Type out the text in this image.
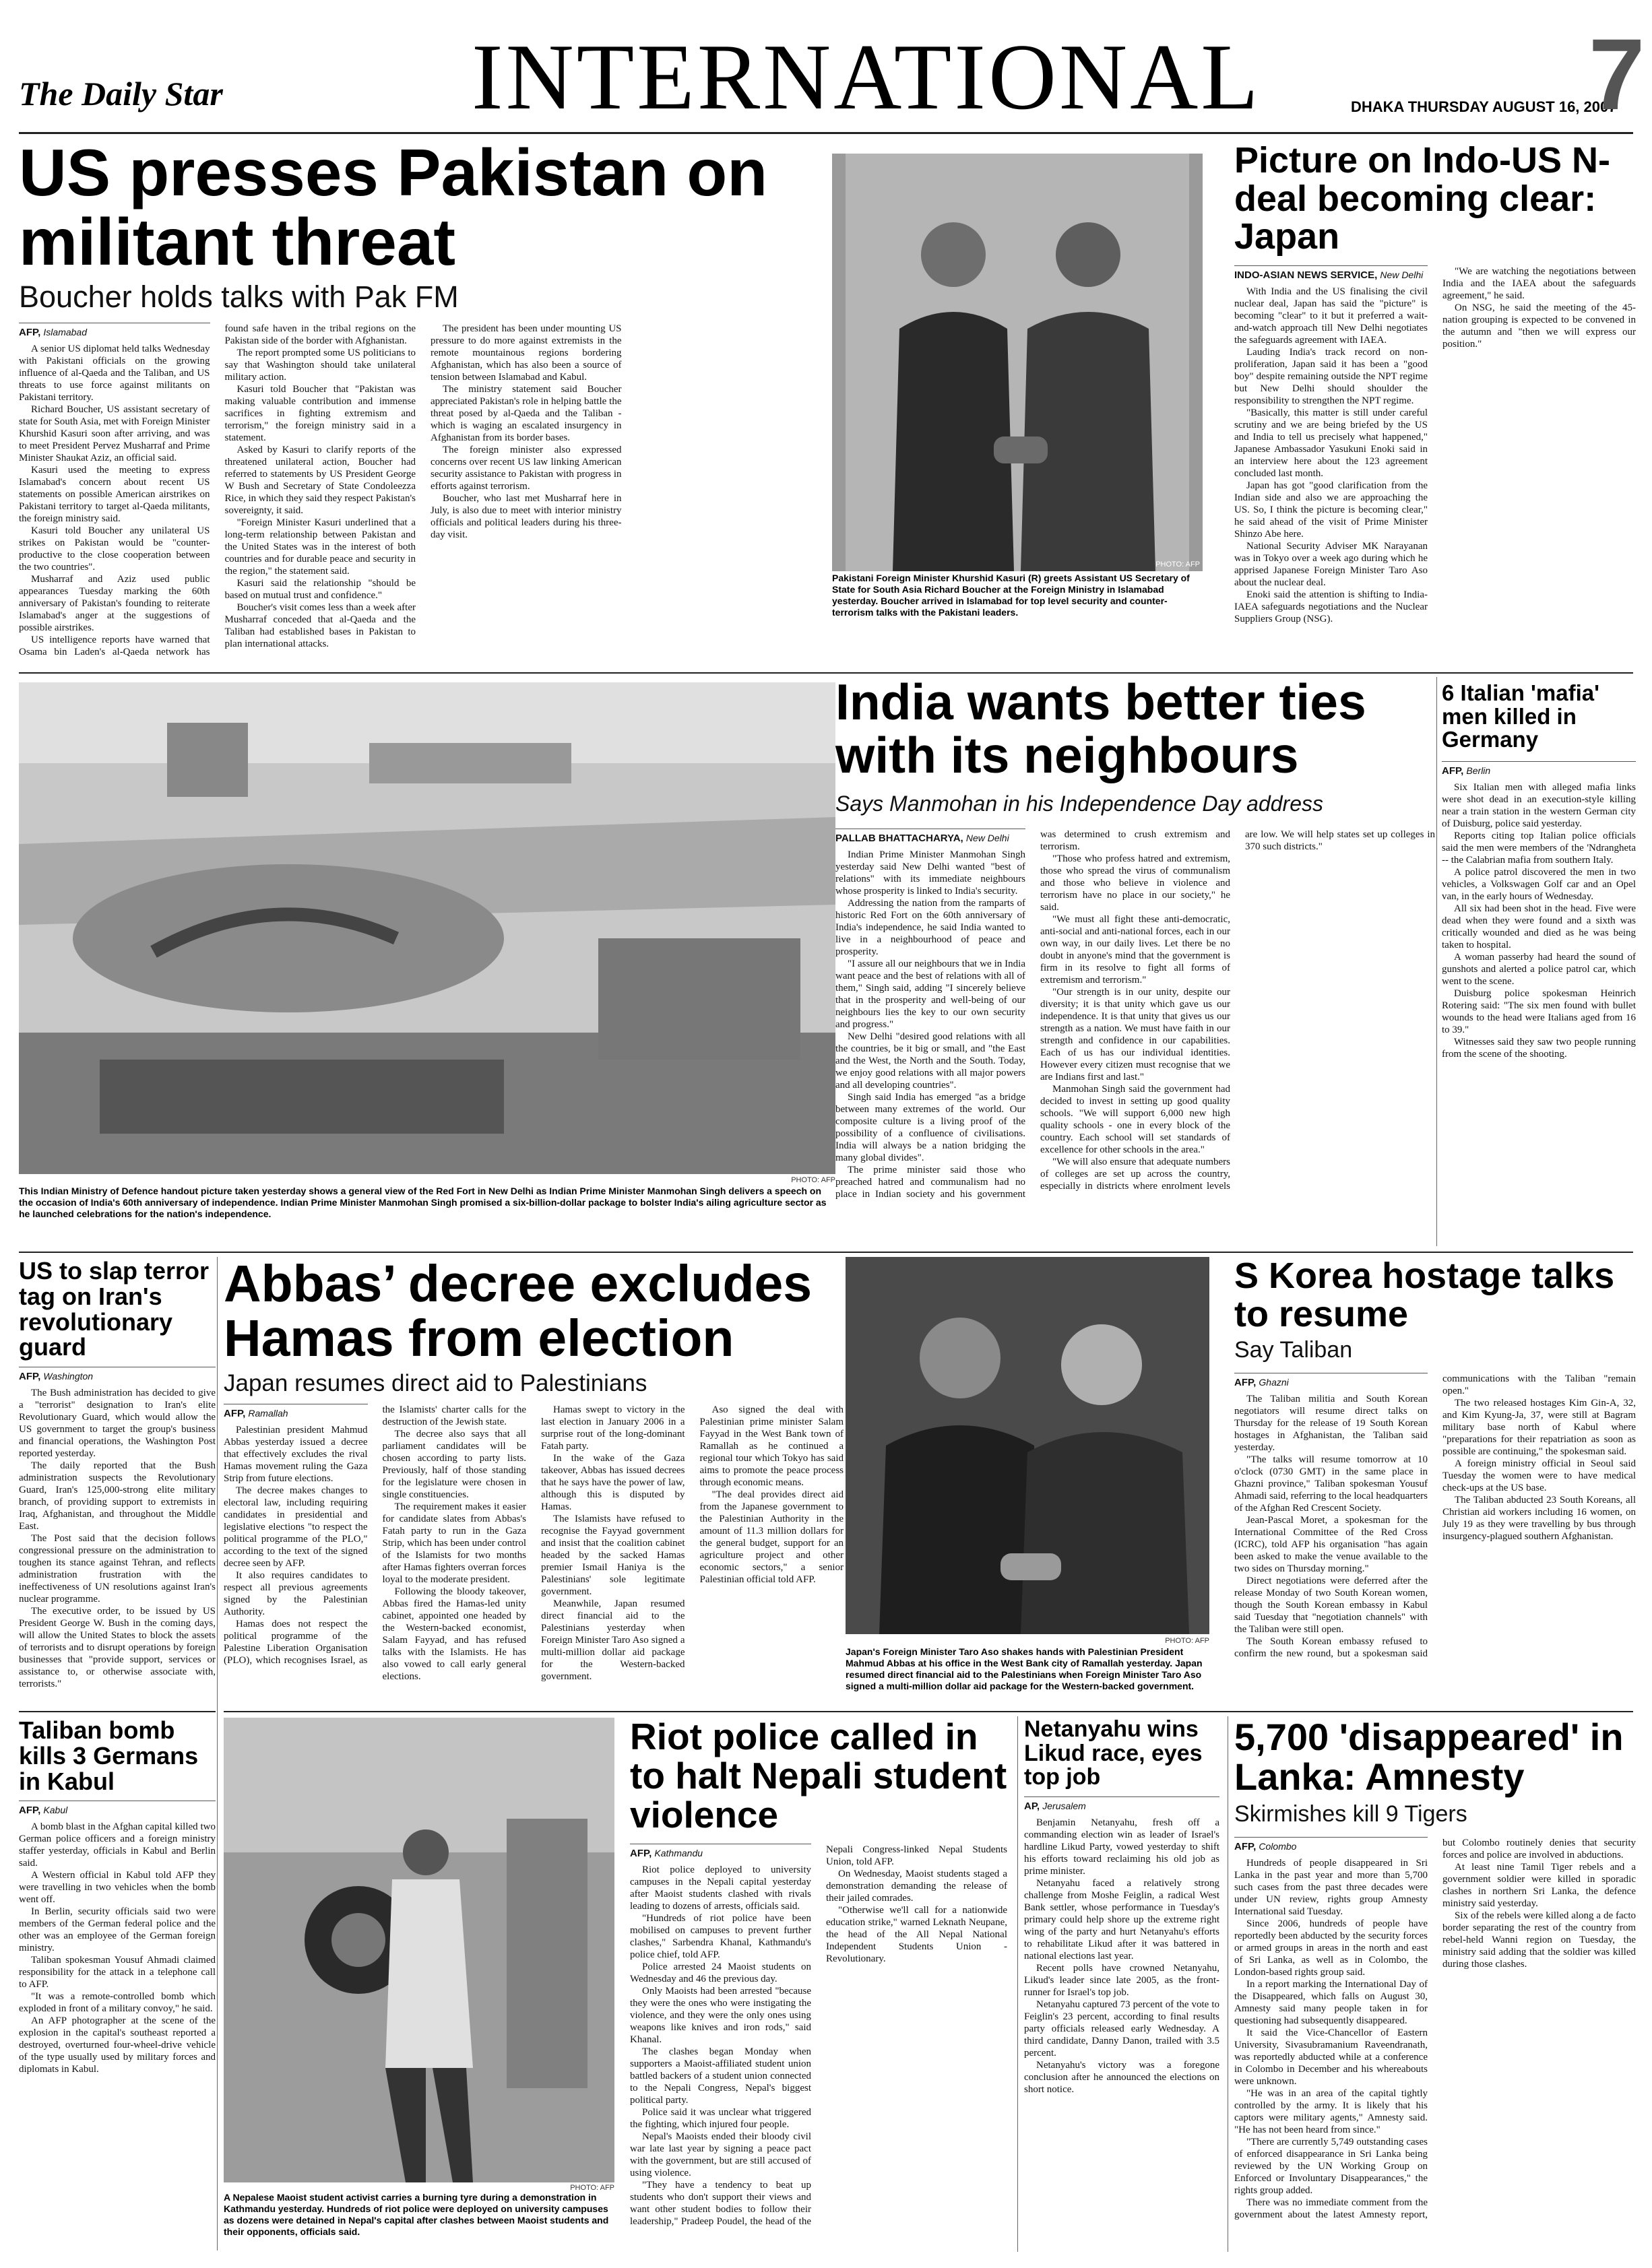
The Daily Star	INTERNATIONAL	DHAKA THURSDAY AUGUST 16, 2007
7
US presses Pakistan on militant threat
Boucher holds talks with Pak FM
AFP, Islamabad

A senior US diplomat held talks Wednesday with Pakistani officials on the growing influence of al-Qaeda and the Taliban, and US threats to use force against militants on Pakistani territory.

Richard Boucher, US assistant secretary of state for South Asia, met with Foreign Minister Khurshid Kasuri soon after arriving, and was to meet President Pervez Musharraf and Prime Minister Shaukat Aziz, an official said.

Kasuri used the meeting to express Islamabad's concern about recent US statements on possible American airstrikes on Pakistani territory to target al-Qaeda militants, the foreign ministry said.

Kasuri told Boucher any unilateral US strikes on Pakistan would be "counter-productive to the close cooperation between the two countries".

Musharraf and Aziz used public appearances Tuesday marking the 60th anniversary of Pakistan's founding to reiterate Islamabad's anger at the suggestions of possible airstrikes.

US intelligence reports have warned that Osama bin Laden's al-Qaeda network has found safe haven in the tribal regions on the Pakistan side of the border with Afghanistan.

The report prompted some US politicians to say that Washington should take unilateral military action.

Kasuri told Boucher that "Pakistan was making valuable contribution and immense sacrifices in fighting extremism and terrorism," the foreign ministry said in a statement.

Asked by Kasuri to clarify reports of the threatened unilateral action, Boucher had referred to statements by US President George W Bush and Secretary of State Condoleezza Rice, in which they said they respect Pakistan's sovereignty, it said.

"Foreign Minister Kasuri underlined that a long-term relationship between Pakistan and the United States was in the interest of both countries and for durable peace and security in the region," the statement said.

Kasuri said the relationship "should be based on mutual trust and confidence."

Boucher's visit comes less than a week after Musharraf conceded that al-Qaeda and the Taliban had established bases in Pakistan to plan international attacks.

The president has been under mounting US pressure to do more against extremists in the remote mountainous regions bordering Afghanistan, which has also been a source of tension between Islamabad and Kabul.

The ministry statement said Boucher appreciated Pakistan's role in helping battle the threat posed by al-Qaeda and the Taliban - which is waging an escalated insurgency in Afghanistan from its border bases.

The foreign minister also expressed concerns over recent US law linking American security assistance to Pakistan with progress in efforts against terrorism.

Boucher, who last met Musharraf here in July, is also due to meet with interior ministry officials and political leaders during his three-day visit.

PHOTO: AFP
Pakistani Foreign Minister Khurshid Kasuri (R) greets Assistant US Secretary of State for South Asia Richard Boucher at the Foreign Ministry in Islamabad yesterday. Boucher arrived in Islamabad for top level security and counter-terrorism talks with the Pakistani leaders.
Picture on Indo-US N-deal becoming clear: Japan
INDO-ASIAN NEWS SERVICE, New Delhi

With India and the US finalising the civil nuclear deal, Japan has said the "picture" is becoming "clear" to it but it preferred a wait-and-watch approach till New Delhi negotiates the safeguards agreement with IAEA.

Lauding India's track record on non-proliferation, Japan said it has been a "good boy" despite remaining outside the NPT regime but New Delhi should shoulder the responsibility to strengthen the NPT regime.

"Basically, this matter is still under careful scrutiny and we are being briefed by the US and India to tell us precisely what happened," Japanese Ambassador Yasukuni Enoki said in an interview here about the 123 agreement concluded last month.

Japan has got "good clarification from the Indian side and also we are approaching the US. So, I think the picture is becoming clear," he said ahead of the visit of Prime Minister Shinzo Abe here.

National Security Adviser MK Narayanan was in Tokyo over a week ago during which he apprised Japanese Foreign Minister Taro Aso about the nuclear deal.

Enoki said the attention is shifting to India-IAEA safeguards negotiations and the Nuclear Suppliers Group (NSG).

"We are watching the negotiations between India and the IAEA about the safeguards agreement," he said.

On NSG, he said the meeting of the 45-nation grouping is expected to be convened in the autumn and "then we will express our position."

PHOTO: AFP
This Indian Ministry of Defence handout picture taken yesterday shows a general view of the Red Fort in New Delhi as Indian Prime Minister Manmohan Singh delivers a speech on the occasion of India's 60th anniversary of independence. Indian Prime Minister Manmohan Singh promised a six-billion-dollar package to bolster India's ailing agriculture sector as he launched celebrations for the nation's independence.
India wants better ties with its neighbours
Says Manmohan in his Independence Day address
PALLAB BHATTACHARYA, New Delhi

Indian Prime Minister Manmohan Singh yesterday said New Delhi wanted "best of relations" with its immediate neighbours whose prosperity is linked to India's security.

Addressing the nation from the ramparts of historic Red Fort on the 60th anniversary of India's independence, he said India wanted to live in a neighbourhood of peace and prosperity.

"I assure all our neighbours that we in India want peace and the best of relations with all of them," Singh said, adding "I sincerely believe that in the prosperity and well-being of our neighbours lies the key to our own security and progress."

New Delhi "desired good relations with all the countries, be it big or small, and "the East and the West, the North and the South. Today, we enjoy good relations with all major powers and all developing countries".

Singh said India has emerged "as a bridge between many extremes of the world. Our composite culture is a living proof of the possibility of a confluence of civilisations. India will always be a nation bridging the many global divides".

The prime minister said those who preached hatred and communalism had no place in Indian society and his government was determined to crush extremism and terrorism.

"Those who profess hatred and extremism, those who spread the virus of communalism and those who believe in violence and terrorism have no place in our society," he said.

"We must all fight these anti-democratic, anti-social and anti-national forces, each in our own way, in our daily lives. Let there be no doubt in anyone's mind that the government is firm in its resolve to fight all forms of extremism and terrorism."

"Our strength is in our unity, despite our diversity; it is that unity which gave us our independence. It is that unity that gives us our strength as a nation. We must have faith in our strength and confidence in our capabilities. Each of us has our individual identities. However every citizen must recognise that we are Indians first and last."

Manmohan Singh said the government had decided to invest in setting up good quality schools. "We will support 6,000 new high quality schools - one in every block of the country. Each school will set standards of excellence for other schools in the area."

"We will also ensure that adequate numbers of colleges are set up across the country, especially in districts where enrolment levels are low. We will help states set up colleges in 370 such districts."

6 Italian 'mafia' men killed in Germany
AFP, Berlin

Six Italian men with alleged mafia links were shot dead in an execution-style killing near a train station in the western German city of Duisburg, police said yesterday.

Reports citing top Italian police officials said the men were members of the 'Ndrangheta -- the Calabrian mafia from southern Italy.

A police patrol discovered the men in two vehicles, a Volkswagen Golf car and an Opel van, in the early hours of Wednesday.

All six had been shot in the head. Five were dead when they were found and a sixth was critically wounded and died as he was being taken to hospital.

A woman passerby had heard the sound of gunshots and alerted a police patrol car, which went to the scene.

Duisburg police spokesman Heinrich Rotering said: "The six men found with bullet wounds to the head were Italians aged from 16 to 39."

Witnesses said they saw two people running from the scene of the shooting.

US to slap terror tag on Iran's revolutionary guard
AFP, Washington

The Bush administration has decided to give a "terrorist" designation to Iran's elite Revolutionary Guard, which would allow the US government to target the group's business and financial operations, the Washington Post reported yesterday.

The daily reported that the Bush administration suspects the Revolutionary Guard, Iran's 125,000-strong elite military branch, of providing support to extremists in Iraq, Afghanistan, and throughout the Middle East.

The Post said that the decision follows congressional pressure on the administration to toughen its stance against Tehran, and reflects administration frustration with the ineffectiveness of UN resolutions against Iran's nuclear programme.

The executive order, to be issued by US President George W. Bush in the coming days, will allow the United States to block the assets of terrorists and to disrupt operations by foreign businesses that "provide support, services or assistance to, or otherwise associate with, terrorists."

Abbas’ decree excludes Hamas from election
Japan resumes direct aid to Palestinians
AFP, Ramallah

Palestinian president Mahmud Abbas yesterday issued a decree that effectively excludes the rival Hamas movement ruling the Gaza Strip from future elections.

The decree makes changes to electoral law, including requiring candidates in presidential and legislative elections "to respect the political programme of the PLO," according to the text of the signed decree seen by AFP.

It also requires candidates to respect all previous agreements signed by the Palestinian Authority.

Hamas does not respect the political programme of the Palestine Liberation Organisation (PLO), which recognises Israel, as the Islamists' charter calls for the destruction of the Jewish state.

The decree also says that all parliament candidates will be chosen according to party lists. Previously, half of those standing for the legislature were chosen in single constituencies.

The requirement makes it easier for candidate slates from Abbas's Fatah party to run in the Gaza Strip, which has been under control of the Islamists for two months after Hamas fighters overran forces loyal to the moderate president.

Following the bloody takeover, Abbas fired the Hamas-led unity cabinet, appointed one headed by the Western-backed economist, Salam Fayyad, and has refused talks with the Islamists. He has also vowed to call early general elections.

Hamas swept to victory in the last election in January 2006 in a surprise rout of the long-dominant Fatah party.

In the wake of the Gaza takeover, Abbas has issued decrees that he says have the power of law, although this is disputed by Hamas.

The Islamists have refused to recognise the Fayyad government and insist that the coalition cabinet headed by the sacked Hamas premier Ismail Haniya is the Palestinians' sole legitimate government.

Meanwhile, Japan resumed direct financial aid to the Palestinians yesterday when Foreign Minister Taro Aso signed a multi-million dollar aid package for the Western-backed government.

Aso signed the deal with Palestinian prime minister Salam Fayyad in the West Bank town of Ramallah as he continued a regional tour which Tokyo has said aims to promote the peace process through economic means.

"The deal provides direct aid from the Japanese government to the Palestinian Authority in the amount of 11.3 million dollars for the general budget, support for an agriculture project and other economic sectors," a senior Palestinian official told AFP.

PHOTO: AFP
Japan's Foreign Minister Taro Aso shakes hands with Palestinian President Mahmud Abbas at his office in the West Bank city of Ramallah yesterday. Japan resumed direct financial aid to the Palestinians when Foreign Minister Taro Aso signed a multi-million dollar aid package for the Western-backed government.
S Korea hostage talks to resume
Say Taliban
AFP, Ghazni

The Taliban militia and South Korean negotiators will resume direct talks on Thursday for the release of 19 South Korean hostages in Afghanistan, the Taliban said yesterday.

"The talks will resume tomorrow at 10 o'clock (0730 GMT) in the same place in Ghazni province," Taliban spokesman Yousuf Ahmadi said, referring to the local headquarters of the Afghan Red Crescent Society.

Jean-Pascal Moret, a spokesman for the International Committee of the Red Cross (ICRC), told AFP his organisation "has again been asked to make the venue available to the two sides on Thursday morning."

Direct negotiations were deferred after the release Monday of two South Korean women, though the South Korean embassy in Kabul said Tuesday that "negotiation channels" with the Taliban were still open.

The South Korean embassy refused to confirm the new round, but a spokesman said communications with the Taliban "remain open."

The two released hostages Kim Gin-A, 32, and Kim Kyung-Ja, 37, were still at Bagram military base north of Kabul where "preparations for their repatriation as soon as possible are continuing," the spokesman said.

A foreign ministry official in Seoul said Tuesday the women were to have medical check-ups at the US base.

The Taliban abducted 23 South Koreans, all Christian aid workers including 16 women, on July 19 as they were travelling by bus through insurgency-plagued southern Afghanistan.

Taliban bomb kills 3 Germans in Kabul
AFP, Kabul

A bomb blast in the Afghan capital killed two German police officers and a foreign ministry staffer yesterday, officials in Kabul and Berlin said.

A Western official in Kabul told AFP they were travelling in two vehicles when the bomb went off.

In Berlin, security officials said two were members of the German federal police and the other was an employee of the German foreign ministry.

Taliban spokesman Yousuf Ahmadi claimed responsibility for the attack in a telephone call to AFP.

"It was a remote-controlled bomb which exploded in front of a military convoy," he said.

An AFP photographer at the scene of the explosion in the capital's southeast reported a destroyed, overturned four-wheel-drive vehicle of the type usually used by military forces and diplomats in Kabul.

PHOTO: AFP
A Nepalese Maoist student activist carries a burning tyre during a demonstration in Kathmandu yesterday. Hundreds of riot police were deployed on university campuses as dozens were detained in Nepal's capital after clashes between Maoist students and their opponents, officials said.
Riot police called in to halt Nepali student violence
AFP, Kathmandu

Riot police deployed to university campuses in the Nepali capital yesterday after Maoist students clashed with rivals leading to dozens of arrests, officials said.

"Hundreds of riot police have been mobilised on campuses to prevent further clashes," Sarbendra Khanal, Kathmandu's police chief, told AFP.

Police arrested 24 Maoist students on Wednesday and 46 the previous day.

Only Maoists had been arrested "because they were the ones who were instigating the violence, and they were the only ones using weapons like knives and iron rods," said Khanal.

The clashes began Monday when supporters a Maoist-affiliated student union battled backers of a student union connected to the Nepali Congress, Nepal's biggest political party.

Police said it was unclear what triggered the fighting, which injured four people.

Nepal's Maoists ended their bloody civil war late last year by signing a peace pact with the government, but are still accused of using violence.

"They have a tendency to beat up students who don't support their views and want other student bodies to follow their leadership," Pradeep Poudel, the head of the Nepali Congress-linked Nepal Students Union, told AFP.

On Wednesday, Maoist students staged a demonstration demanding the release of their jailed comrades.

"Otherwise we'll call for a nationwide education strike," warned Leknath Neupane, the head of the All Nepal National Independent Students Union - Revolutionary.

Netanyahu wins Likud race, eyes top job
AP, Jerusalem

Benjamin Netanyahu, fresh off a commanding election win as leader of Israel's hardline Likud Party, vowed yesterday to shift his efforts toward reclaiming his old job as prime minister.

Netanyahu faced a relatively strong challenge from Moshe Feiglin, a radical West Bank settler, whose performance in Tuesday's primary could help shore up the extreme right wing of the party and hurt Netanyahu's efforts to rehabilitate Likud after it was battered in national elections last year.

Recent polls have crowned Netanyahu, Likud's leader since late 2005, as the front-runner for Israel's top job.

Netanyahu captured 73 percent of the vote to Feiglin's 23 percent, according to final results party officials released early Wednesday. A third candidate, Danny Danon, trailed with 3.5 percent.

Netanyahu's victory was a foregone conclusion after he announced the elections on short notice.

5,700 'disappeared' in Lanka: Amnesty
Skirmishes kill 9 Tigers
AFP, Colombo

Hundreds of people disappeared in Sri Lanka in the past year and more than 5,700 such cases from the past three decades were under UN review, rights group Amnesty International said Tuesday.

Since 2006, hundreds of people have reportedly been abducted by the security forces or armed groups in areas in the north and east of Sri Lanka, as well as in Colombo, the London-based rights group said.

In a report marking the International Day of the Disappeared, which falls on August 30, Amnesty said many people taken in for questioning had subsequently disappeared.

It said the Vice-Chancellor of Eastern University, Sivasubramanium Raveendranath, was reportedly abducted while at a conference in Colombo in December and his whereabouts were unknown.

"He was in an area of the capital tightly controlled by the army. It is likely that his captors were military agents," Amnesty said. "He has not been heard from since."

"There are currently 5,749 outstanding cases of enforced disappearance in Sri Lanka being reviewed by the UN Working Group on Enforced or Involuntary Disappearances," the rights group added.

There was no immediate comment from the government about the latest Amnesty report, but Colombo routinely denies that security forces and police are involved in abductions.

At least nine Tamil Tiger rebels and a government soldier were killed in sporadic clashes in northern Sri Lanka, the defence ministry said yesterday.

Six of the rebels were killed along a de facto border separating the rest of the country from rebel-held Wanni region on Tuesday, the ministry said adding that the soldier was killed during those clashes.
